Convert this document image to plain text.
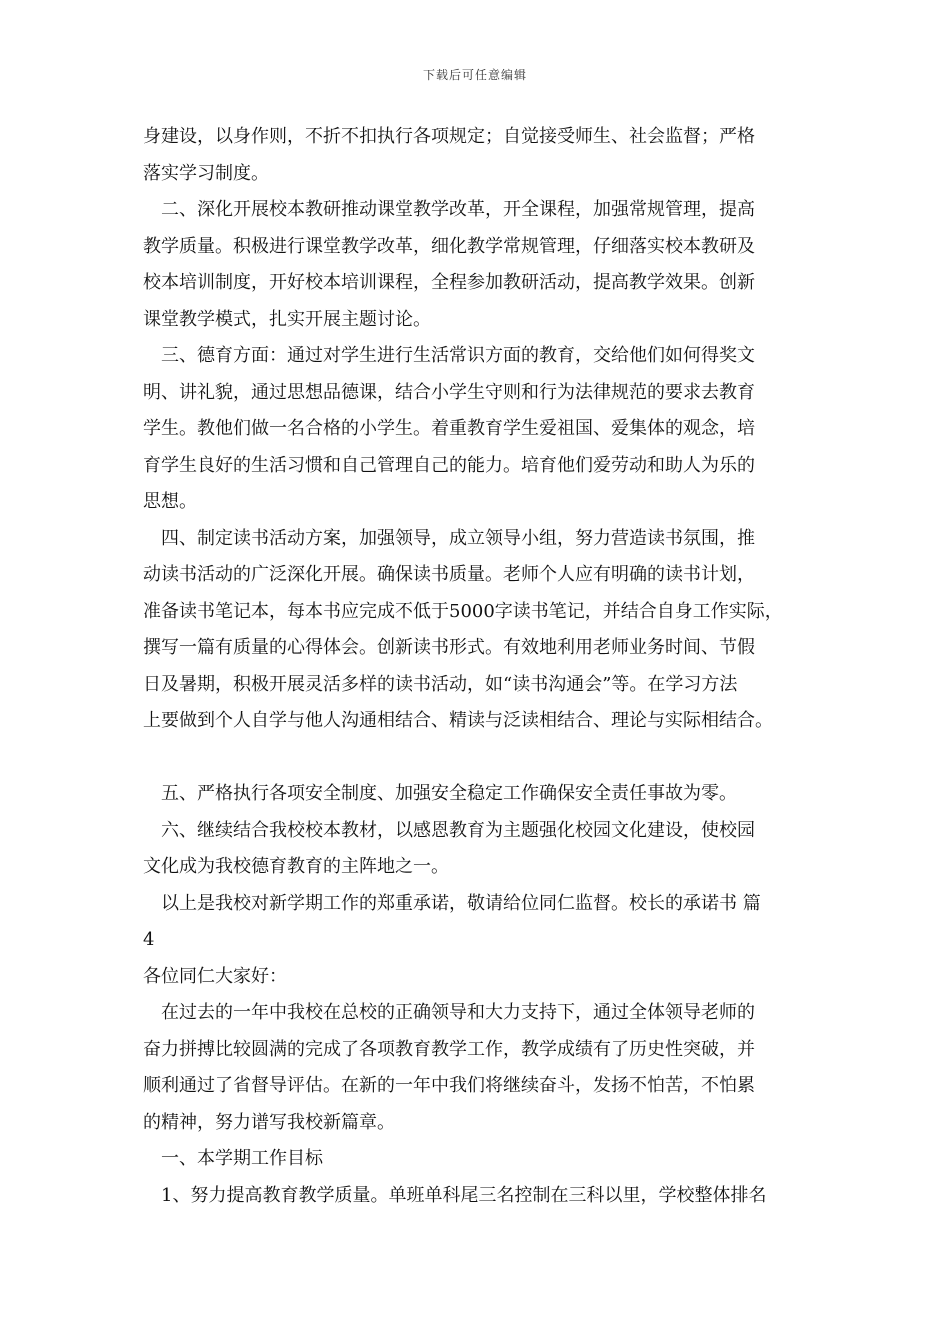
下载后可任意编辑
身建设，以身作则，不折不扣执行各项规定；自觉接受师生、社会监督；严格
落实学习制度。
　二、深化开展校本教研推动课堂教学改革，开全课程，加强常规管理，提高
教学质量。积极进行课堂教学改革，细化教学常规管理，仔细落实校本教研及
校本培训制度，开好校本培训课程，全程参加教研活动，提高教学效果。创新
课堂教学模式，扎实开展主题讨论。
　三、德育方面：通过对学生进行生活常识方面的教育，交给他们如何得奖文
明、讲礼貌，通过思想品德课，结合小学生守则和行为法律规范的要求去教育
学生。教他们做一名合格的小学生。着重教育学生爱祖国、爱集体的观念，培
育学生良好的生活习惯和自己管理自己的能力。培育他们爱劳动和助人为乐的
思想。
　四、制定读书活动方案，加强领导，成立领导小组，努力营造读书氛围，推
动读书活动的广泛深化开展。确保读书质量。老师个人应有明确的读书计划，
准备读书笔记本，每本书应完成不低于5000字读书笔记，并结合自身工作实际，
撰写一篇有质量的心得体会。创新读书形式。有效地利用老师业务时间、节假
日及暑期，积极开展灵活多样的读书活动，如“读书沟通会”等。在学习方法
上要做到个人自学与他人沟通相结合、精读与泛读相结合、理论与实际相结合。
　五、严格执行各项安全制度、加强安全稳定工作确保安全责任事故为零。
　六、继续结合我校校本教材，以感恩教育为主题强化校园文化建设，使校园
文化成为我校德育教育的主阵地之一。
　以上是我校对新学期工作的郑重承诺，敬请给位同仁监督。校长的承诺书 篇
4
各位同仁大家好：
　在过去的一年中我校在总校的正确领导和大力支持下，通过全体领导老师的
奋力拼搏比较圆满的完成了各项教育教学工作，教学成绩有了历史性突破，并
顺利通过了省督导评估。在新的一年中我们将继续奋斗，发扬不怕苦，不怕累
的精神，努力谱写我校新篇章。
　一、本学期工作目标
　1、努力提高教育教学质量。单班单科尾三名控制在三科以里，学校整体排名
